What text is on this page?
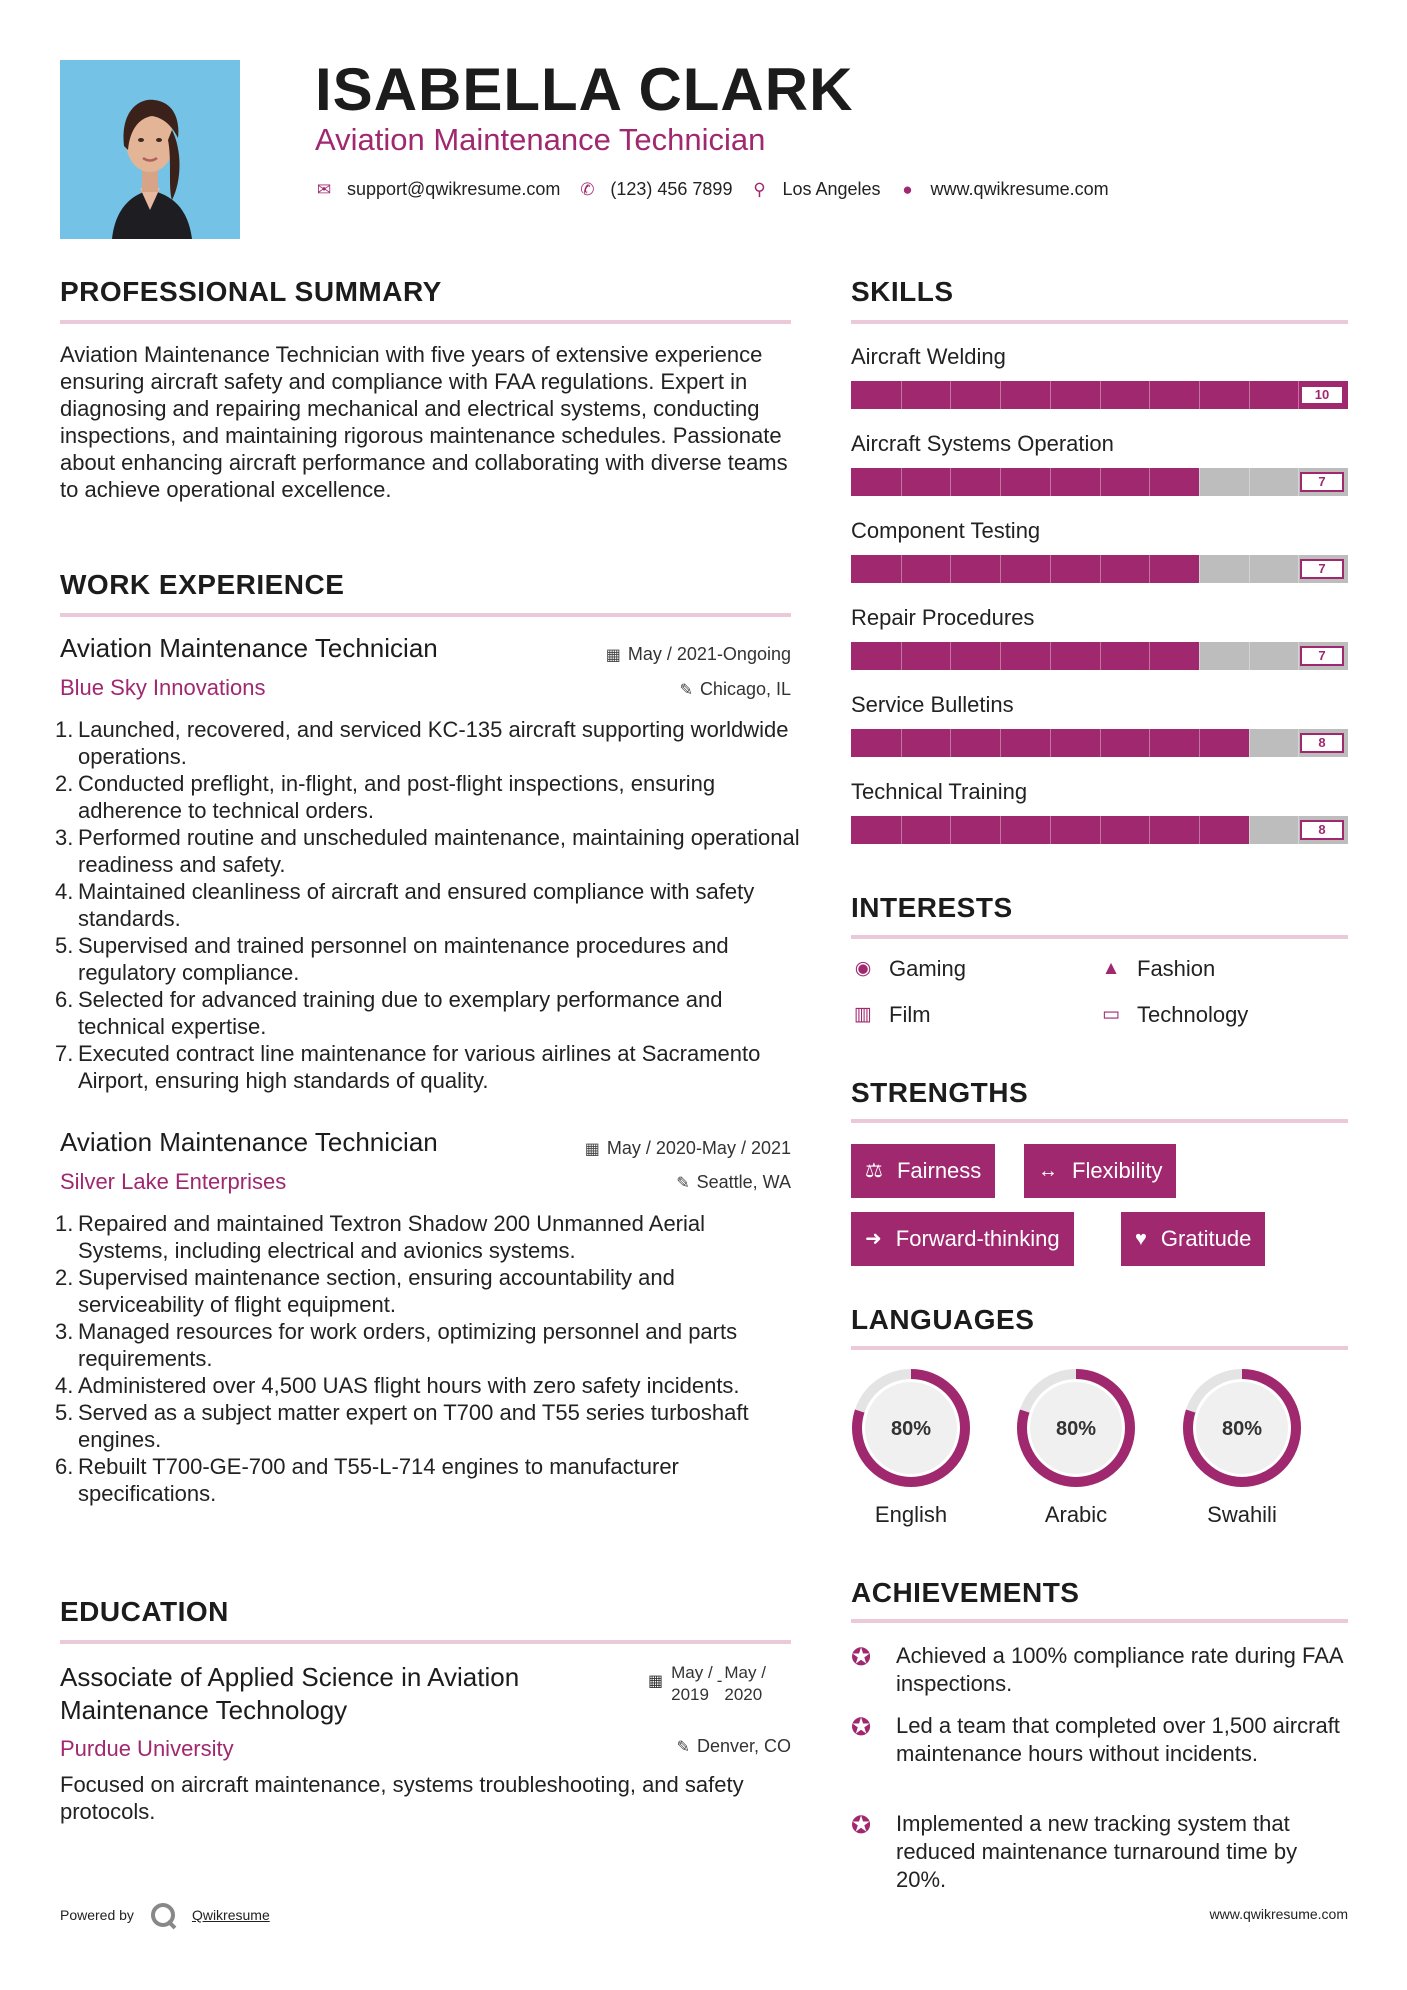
ISABELLA CLARK
Aviation Maintenance Technician
✉ support@qwikresume.com ✆ (123) 456 7899 ⚲ Los Angeles ● www.qwikresume.com
PROFESSIONAL SUMMARY
Aviation Maintenance Technician with five years of extensive experience ensuring aircraft safety and compliance with FAA regulations. Expert in diagnosing and repairing mechanical and electrical systems, conducting inspections, and maintaining rigorous maintenance schedules. Passionate about enhancing aircraft performance and collaborating with diverse teams to achieve operational excellence.
WORK EXPERIENCE
Aviation Maintenance Technician	▦ May / 2021-Ongoing
Blue Sky Innovations	✎ Chicago, IL
1. Launched, recovered, and serviced KC-135 aircraft supporting worldwide operations.
2. Conducted preflight, in-flight, and post-flight inspections, ensuring adherence to technical orders.
3. Performed routine and unscheduled maintenance, maintaining operational readiness and safety.
4. Maintained cleanliness of aircraft and ensured compliance with safety standards.
5. Supervised and trained personnel on maintenance procedures and regulatory compliance.
6. Selected for advanced training due to exemplary performance and technical expertise.
7. Executed contract line maintenance for various airlines at Sacramento Airport, ensuring high standards of quality.
Aviation Maintenance Technician	▦ May / 2020-May / 2021
Silver Lake Enterprises	✎ Seattle, WA
1. Repaired and maintained Textron Shadow 200 Unmanned Aerial Systems, including electrical and avionics systems.
2. Supervised maintenance section, ensuring accountability and serviceability of flight equipment.
3. Managed resources for work orders, optimizing personnel and parts requirements.
4. Administered over 4,500 UAS flight hours with zero safety incidents.
5. Served as a subject matter expert on T700 and T55 series turboshaft engines.
6. Rebuilt T700-GE-700 and T55-L-714 engines to manufacturer specifications.
EDUCATION
Associate of Applied Science in Aviation
Maintenance Technology
▦ May /
2019
- May /
2020
Purdue University	✎ Denver, CO
Focused on aircraft maintenance, systems troubleshooting, and safety protocols.
SKILLS
Aircraft Welding
10
Aircraft Systems Operation
7
Component Testing
7
Repair Procedures
7
Service Bulletins
8
Technical Training
8
INTERESTS
◉ Gaming	▲ Fashion
▥ Film	▭ Technology
STRENGTHS
⚖ Fairness	↔ Flexibility
➜ Forward-thinking	♥ Gratitude
LANGUAGES
80%
English
80%
Arabic
80%
Swahili
ACHIEVEMENTS
✪	Achieved a 100% compliance rate during FAA inspections.
✪	Led a team that completed over 1,500 aircraft maintenance hours without incidents.
✪	Implemented a new tracking system that reduced maintenance turnaround time by 20%.
Powered by	Qwikresume	www.qwikresume.com
